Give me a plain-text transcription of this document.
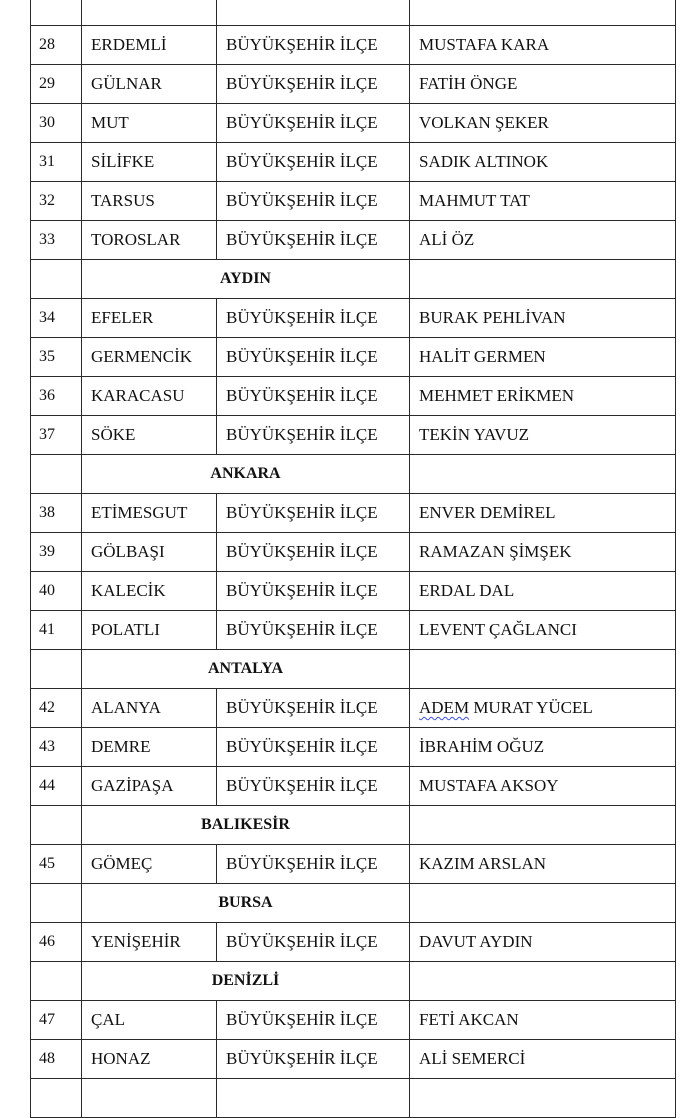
28	ERDEMLİ	BÜYÜKŞEHİR İLÇE	MUSTAFA KARA
29	GÜLNAR	BÜYÜKŞEHİR İLÇE	FATİH ÖNGE
30	MUT	BÜYÜKŞEHİR İLÇE	VOLKAN ŞEKER
31	SİLİFKE	BÜYÜKŞEHİR İLÇE	SADIK ALTINOK
32	TARSUS	BÜYÜKŞEHİR İLÇE	MAHMUT TAT
33	TOROSLAR	BÜYÜKŞEHİR İLÇE	ALİ ÖZ
	AYDIN		
34	EFELER	BÜYÜKŞEHİR İLÇE	BURAK PEHLİVAN
35	GERMENCİK	BÜYÜKŞEHİR İLÇE	HALİT GERMEN
36	KARACASU	BÜYÜKŞEHİR İLÇE	MEHMET ERİKMEN
37	SÖKE	BÜYÜKŞEHİR İLÇE	TEKİN YAVUZ
	ANKARA		
38	ETİMESGUT	BÜYÜKŞEHİR İLÇE	ENVER DEMİREL
39	GÖLBAŞI	BÜYÜKŞEHİR İLÇE	RAMAZAN ŞİMŞEK
40	KALECİK	BÜYÜKŞEHİR İLÇE	ERDAL DAL
41	POLATLI	BÜYÜKŞEHİR İLÇE	LEVENT ÇAĞLANCI
	ANTALYA		
42	ALANYA	BÜYÜKŞEHİR İLÇE	ADEM MURAT YÜCEL
43	DEMRE	BÜYÜKŞEHİR İLÇE	İBRAHİM OĞUZ
44	GAZİPAŞA	BÜYÜKŞEHİR İLÇE	MUSTAFA AKSOY
	BALIKESİR		
45	GÖMEÇ	BÜYÜKŞEHİR İLÇE	KAZIM ARSLAN
	BURSA		
46	YENİŞEHİR	BÜYÜKŞEHİR İLÇE	DAVUT AYDIN
	DENİZLİ		
47	ÇAL	BÜYÜKŞEHİR İLÇE	FETİ AKCAN
48	HONAZ	BÜYÜKŞEHİR İLÇE	ALİ SEMERCİ
